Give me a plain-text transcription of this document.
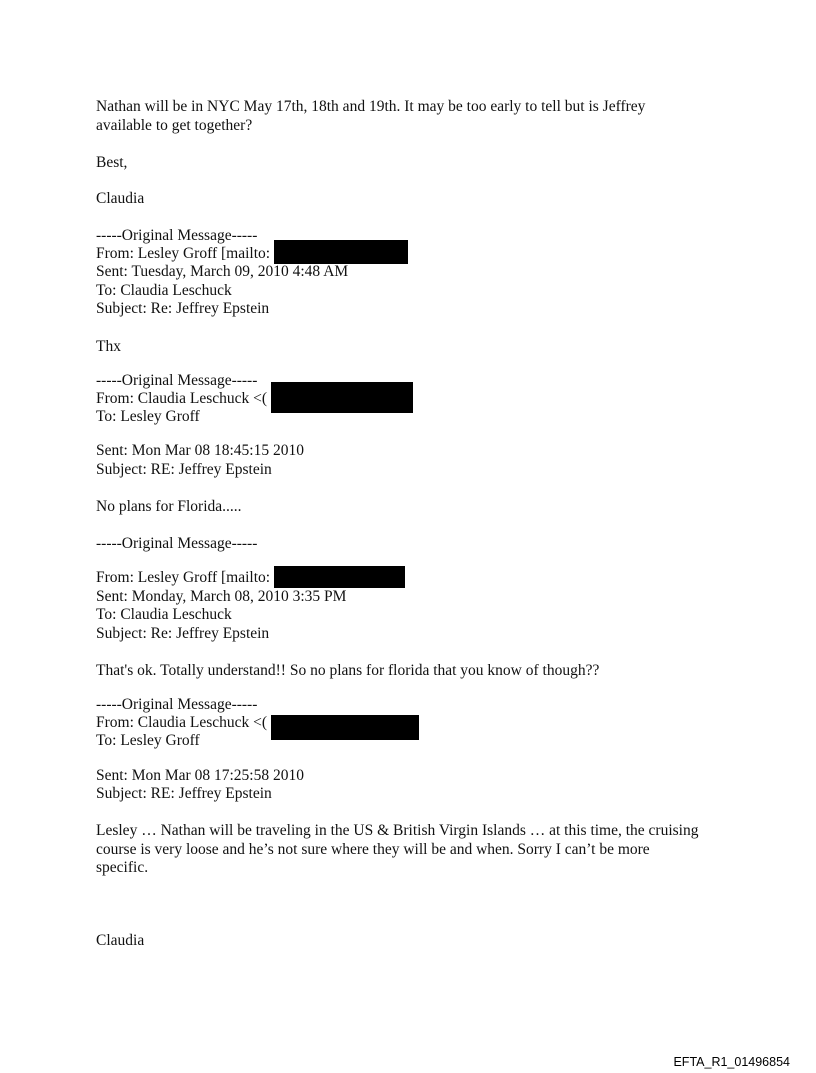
Nathan will be in NYC May 17th, 18th and 19th. It may be too early to tell but is Jeffrey

available to get together?

Best,

Claudia

-----Original Message-----

From: Lesley Groff [mailto:

Sent: Tuesday, March 09, 2010 4:48 AM

To: Claudia Leschuck

Subject: Re: Jeffrey Epstein

Thx

-----Original Message-----

From: Claudia Leschuck <(

To: Lesley Groff

Sent: Mon Mar 08 18:45:15 2010

Subject: RE: Jeffrey Epstein

No plans for Florida.....

-----Original Message-----

From: Lesley Groff [mailto:

Sent: Monday, March 08, 2010 3:35 PM

To: Claudia Leschuck

Subject: Re: Jeffrey Epstein

That's ok. Totally understand!! So no plans for florida that you know of though??

-----Original Message-----

From: Claudia Leschuck <(

To: Lesley Groff

Sent: Mon Mar 08 17:25:58 2010

Subject: RE: Jeffrey Epstein

Lesley … Nathan will be traveling in the US & British Virgin Islands … at this time, the cruising

course is very loose and he’s not sure where they will be and when. Sorry I can’t be more

specific.

Claudia

EFTA_R1_01496854
